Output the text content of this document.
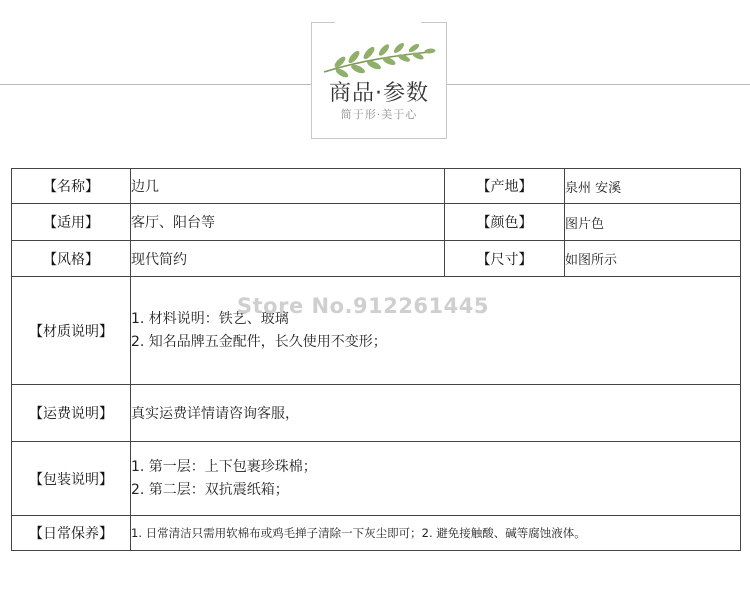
商品·参数
简于形·美于心
【名称】	边几	【产地】	泉州 安溪
【适用】	客厅、阳台等	【颜色】	图片色
【风格】	现代简约	【尺寸】	如图所示
【材质说明】	1. 材料说明：铁艺、玻璃
2. 知名品牌五金配件，长久使用不变形；		

【运费说明】	真实运费详情请咨询客服，		
【包装说明】	1. 第一层：上下包裹珍珠棉；
2. 第二层：双抗震纸箱；		

【日常保养】	1. 日常清洁只需用软棉布或鸡毛掸子清除一下灰尘即可；2. 避免接触酸、碱等腐蚀液体。		
Store No.912261445
